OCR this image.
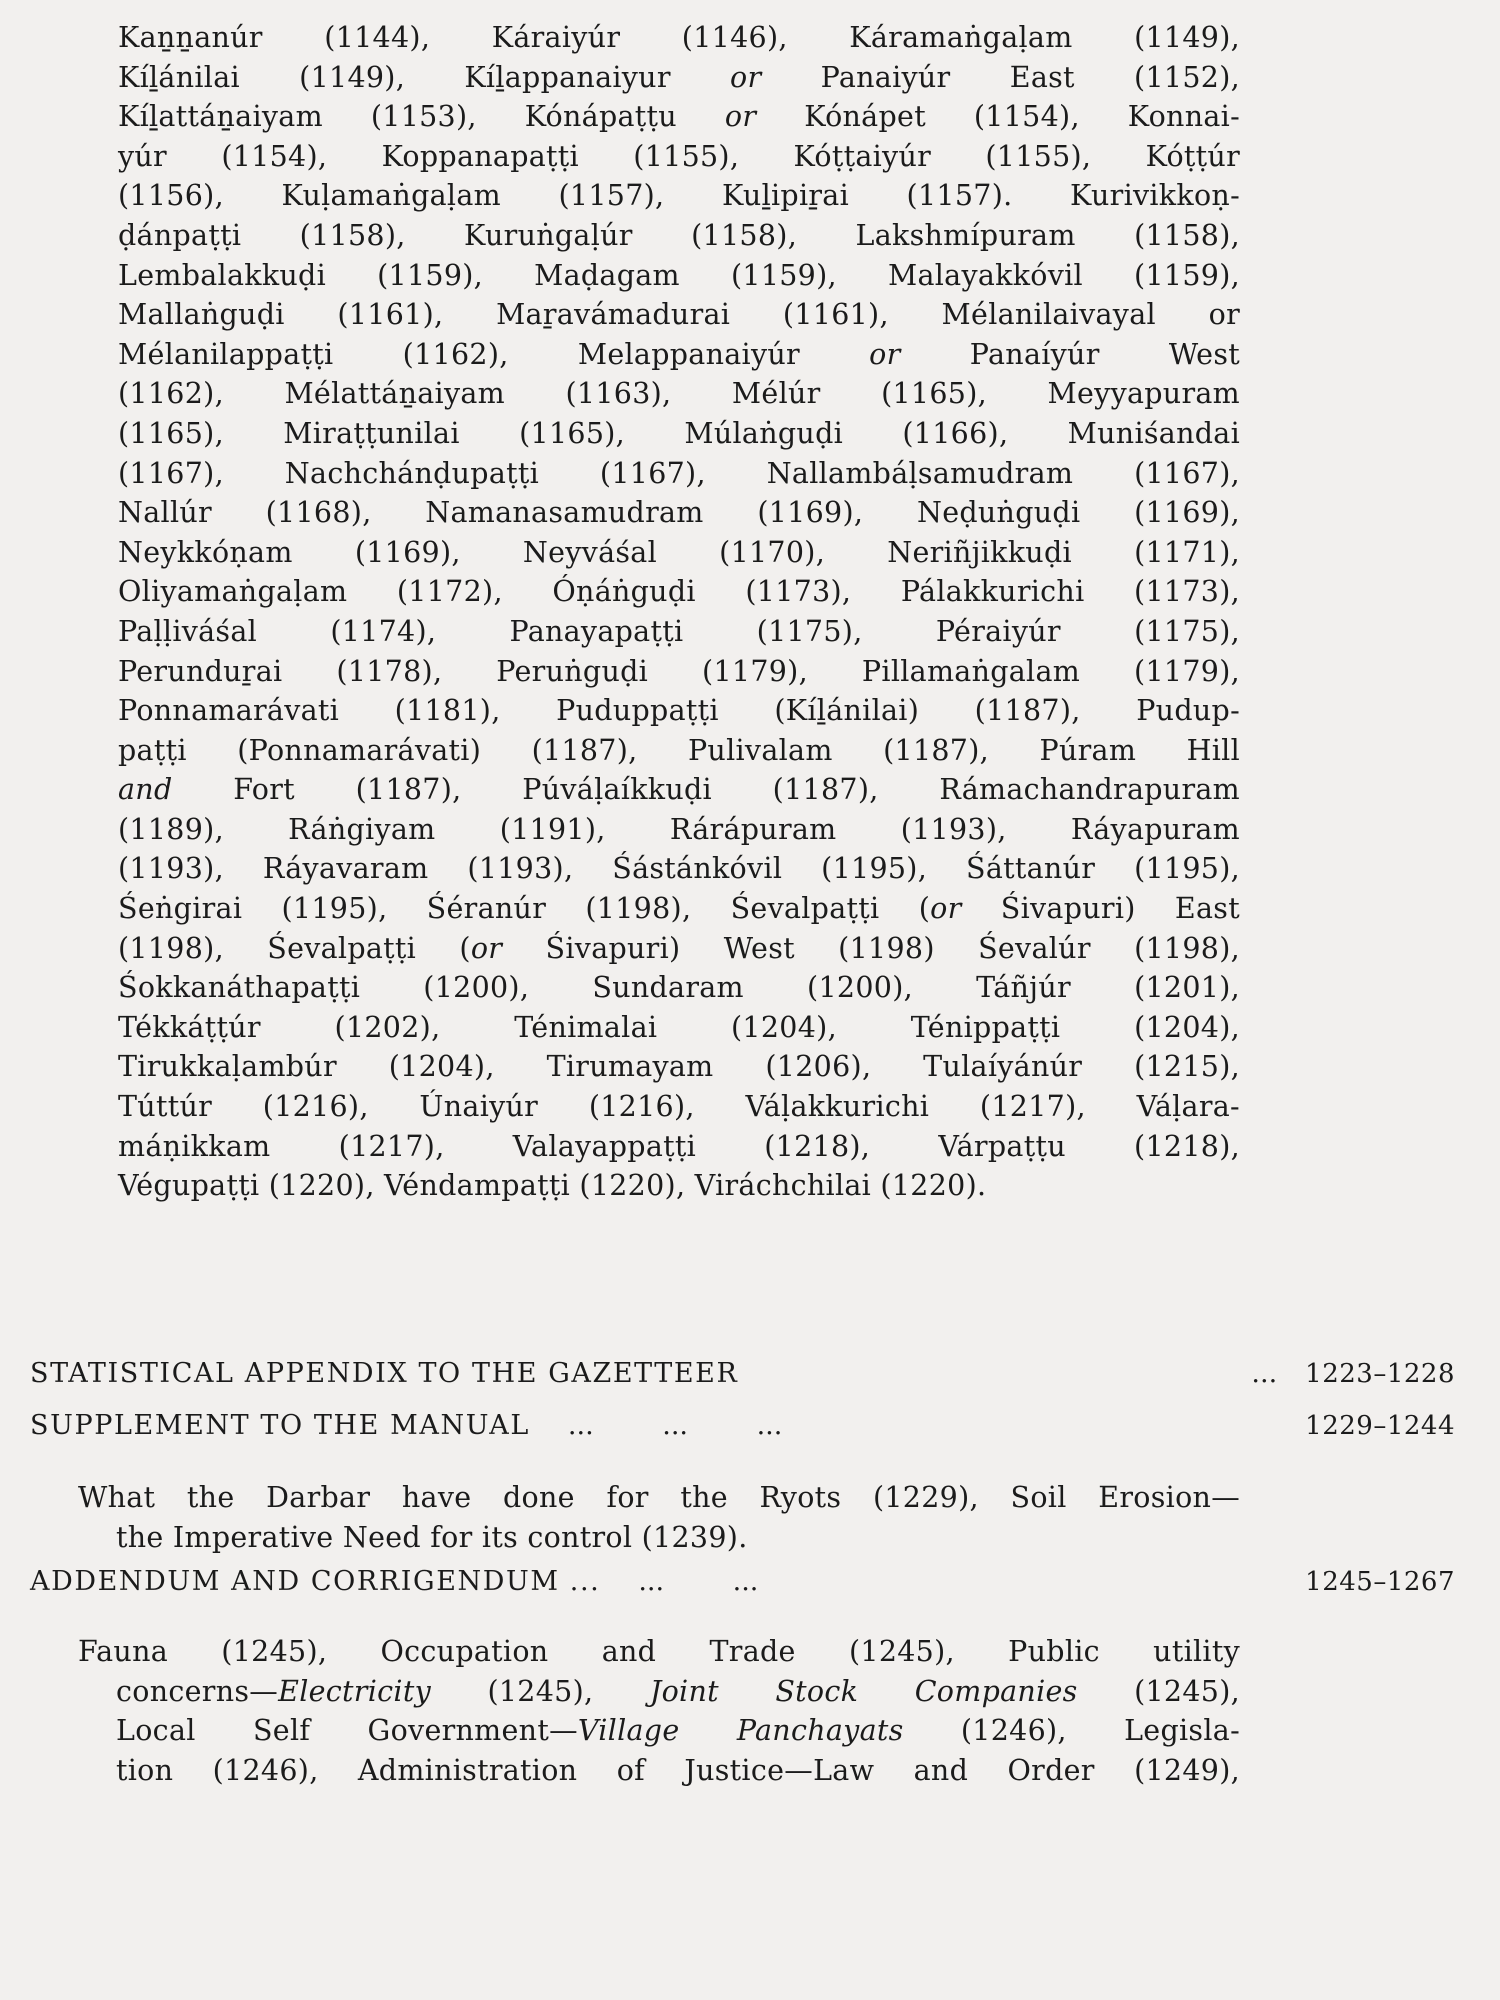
Kaṉṉanúr (1144), Káraiyúr (1146), Káramaṅgaḷam (1149),
Kíḻánilai (1149), Kíḻappanaiyur or Panaiyúr East (1152),
Kíḻattáṉaiyam (1153), Kónápaṭṭu or Kónápet (1154), Konnai-
yúr (1154), Koppanapaṭṭi (1155), Kóṭṭaiyúr (1155), Kóṭṭúr
(1156), Kuḷamaṅgaḷam (1157), Kuḻipiṟai (1157). Kurivikkoṇ-
ḍánpaṭṭi (1158), Kuruṅgaḷúr (1158), Lakshmípuram (1158),
Lembalakkuḍi (1159), Maḍagam (1159), Malayakkóvil (1159),
Mallaṅguḍi (1161), Maṟavámadurai (1161), Mélanilaivayal or
Mélanilappaṭṭi (1162), Melappanaiyúr or Panaíyúr West
(1162), Mélattáṉaiyam (1163), Mélúr (1165), Meyyapuram
(1165), Miraṭṭunilai (1165), Múlaṅguḍi (1166), Muniśandai
(1167), Nachchánḍupaṭṭi (1167), Nallambáḷsamudram (1167),
Nallúr (1168), Namanasamudram (1169), Neḍuṅguḍi (1169),
Neykkóṇam (1169), Neyváśal (1170), Neriñjikkuḍi (1171),
Oliyamaṅgaḷam (1172), Óṇáṅguḍi (1173), Pálakkurichi (1173),
Paḷḷiváśal (1174), Panayapaṭṭi (1175), Péraiyúr (1175),
Perunduṟai (1178), Peruṅguḍi (1179), Pillamaṅgalam (1179),
Ponnamarávati (1181), Puduppaṭṭi (Kíḻánilai) (1187), Pudup-
paṭṭi (Ponnamarávati) (1187), Pulivalam (1187), Púram Hill
and Fort (1187), Púváḷaíkkuḍi (1187), Rámachandrapuram
(1189), Ráṅgiyam (1191), Rárápuram (1193), Ráyapuram
(1193), Ráyavaram (1193), Śástánkóvil (1195), Śáttanúr (1195),
Śeṅgirai (1195), Śéranúr (1198), Śevalpaṭṭi (or Śivapuri) East
(1198), Śevalpaṭṭi (or Śivapuri) West (1198) Śevalúr (1198),
Śokkanáthapaṭṭi (1200), Sundaram (1200), Táñjúr (1201),
Tékkáṭṭúr (1202), Ténimalai (1204), Ténippaṭṭi (1204),
Tirukkaḷambúr (1204), Tirumayam (1206), Tulaíyánúr (1215),
Túttúr (1216), Únaiyúr (1216), Váḷakkurichi (1217), Váḷara-
máṇikkam (1217), Valayappaṭṭi (1218), Várpaṭṭu (1218),
Végupaṭṭi (1220), Véndampaṭṭi (1220), Viráchchilai (1220).
STATISTICAL APPENDIX TO THE GAZETTEER	...	1223–1228
SUPPLEMENT TO THE MANUAL	... ... ...	1229–1244
What the Darbar have done for the Ryots (1229), Soil Erosion—
the Imperative Need for its control (1239).
ADDENDUM AND CORRIGENDUM ...	... ...	1245–1267
Fauna (1245), Occupation and Trade (1245), Public utility
concerns—Electricity (1245), Joint Stock Companies (1245),
Local Self Government—Village Panchayats (1246), Legisla-
tion (1246), Administration of Justice—Law and Order (1249),
